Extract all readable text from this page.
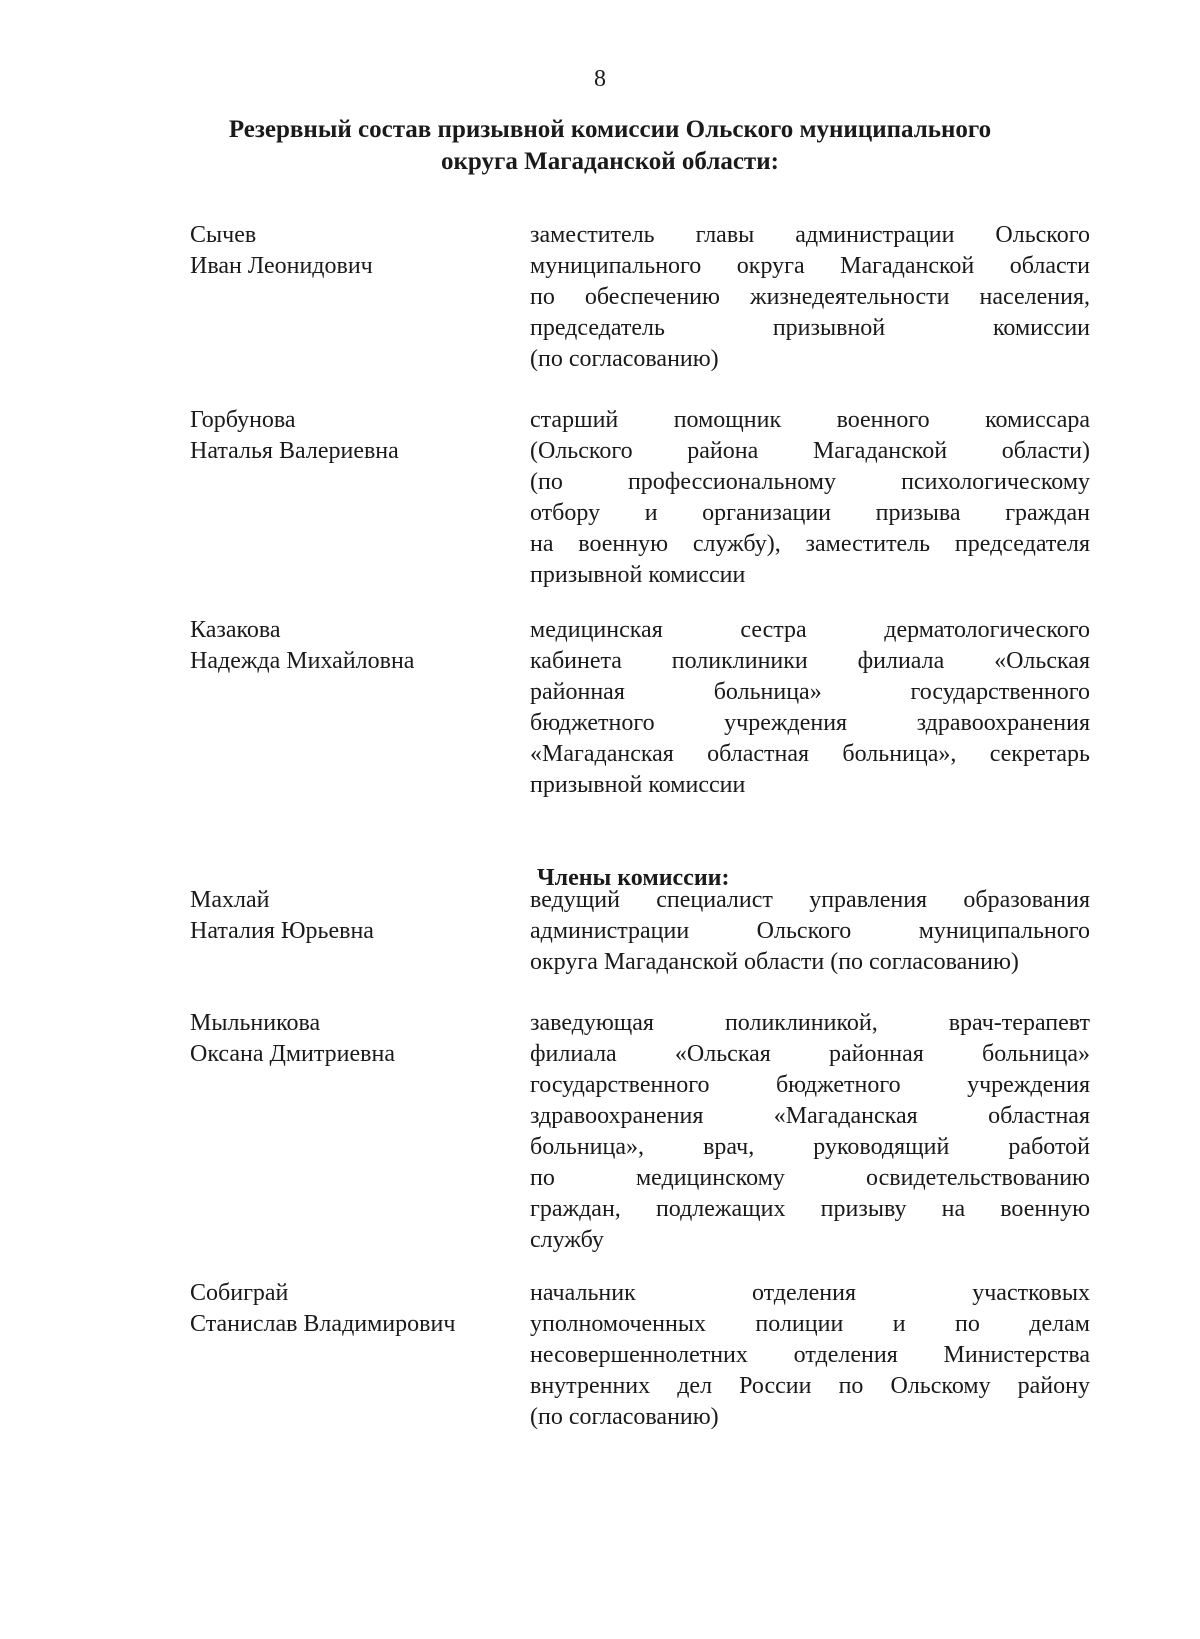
8
Резервный состав призывной комиссии Ольского муниципального
округа Магаданской области:
Члены комиссии:
Сычев
Иван Леонидович
заместитель главы администрации Ольского
муниципального округа Магаданской области
по обеспечению жизнедеятельности населения,
председатель призывной комиссии
(по согласованию)
Горбунова
Наталья Валериевна
старший помощник военного комиссара
(Ольского района Магаданской области)
(по профессиональному психологическому
отбору и организации призыва граждан
на военную службу), заместитель председателя
призывной комиссии
Казакова
Надежда Михайловна
медицинская сестра дерматологического
кабинета поликлиники филиала «Ольская
районная больница» государственного
бюджетного учреждения здравоохранения
«Магаданская областная больница», секретарь
призывной комиссии
Махлай
Наталия Юрьевна
ведущий специалист управления образования
администрации Ольского муниципального
округа Магаданской области (по согласованию)
Мыльникова
Оксана Дмитриевна
заведующая поликлиникой, врач-терапевт
филиала «Ольская районная больница»
государственного бюджетного учреждения
здравоохранения «Магаданская областная
больница», врач, руководящий работой
по медицинскому освидетельствованию
граждан, подлежащих призыву на военную
службу
Собиграй
Станислав Владимирович
начальник отделения участковых
уполномоченных полиции и по делам
несовершеннолетних отделения Министерства
внутренних дел России по Ольскому району
(по согласованию)
